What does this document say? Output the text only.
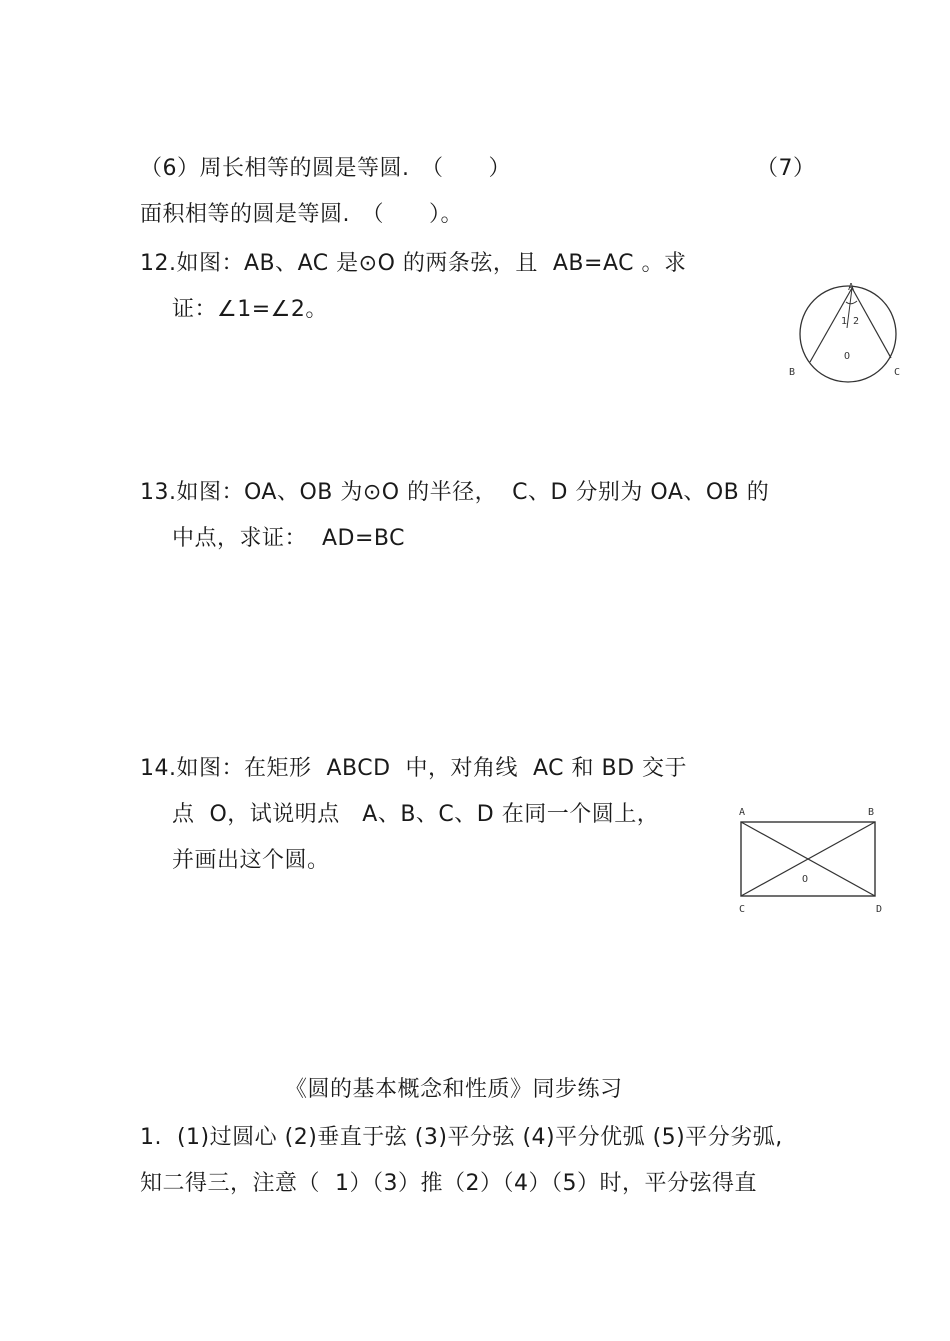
（6）周长相等的圆是等圆.　（　　）	（7）
面积相等的圆是等圆.　（　　）。
12.如图：AB、AC 是⊙O 的两条弦，且  AB=AC 。求
证：∠1=∠2。
A
1 2
O
B	C
13.如图：OA、OB 为⊙O 的半径，  C、D 分别为 OA、OB 的
中点，求证：  AD=BC
14.如图：在矩形  ABCD  中，对角线  AC 和 BD 交于
点  O，试说明点   A、B、C、D 在同一个圆上，
并画出这个圆。
A	B
O
C	D
《圆的基本概念和性质》同步练习
1.  (1)过圆心 (2)垂直于弦 (3)平分弦 (4)平分优弧 (5)平分劣弧,
知二得三，注意（  1）（3）推（2）（4）（5）时，平分弦得直
